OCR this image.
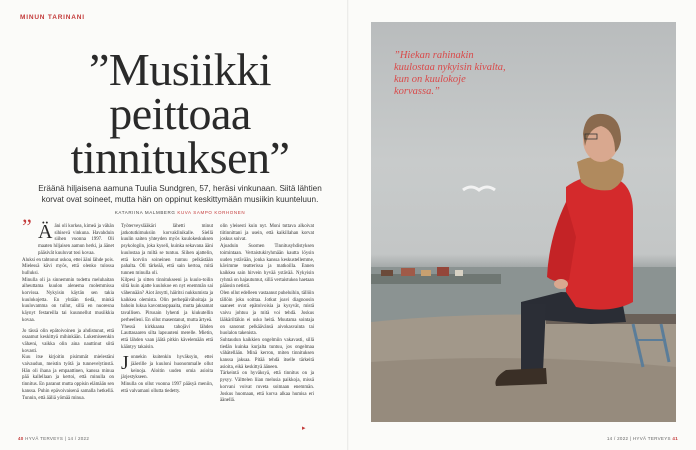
MINUN TARINANI
”Musiikki peittoaa tinnituksen”
Eräänä hiljaisena aamuna Tuulia Sundgren, 57, heräsi vinkunaan. Siitä lähtien korvat ovat soineet, mutta hän on oppinut keskittymään musiikin kuunteluun.
KATARIINA MALMBERG KUVA SAMPO KORHONEN
” Ääni oli korkea, kimeä ja vähän sihisevä vinkuna. Havahduin siihen vuonna 1997. Oli maaten hiljaisen aamun herki, ja äänet pääsivät kuuluvat tosi kovaa.

Aluksi en tahtonut uskoa, ettei ääni lähde pois. Mielessä kävi myös, että olenko tulossa hulluksi.

Minulla oli ja sinnemmin todettu meluhaitan aiheuttama kuulon alenema molemmissa korvissa. Nykyisin käytän sen takia kuulokojetta. En yhtään tiedä, minkä kuulovamma on tullut, sillä en nuoresna käynyt festareilla tai kuunnellut musiikkia kovaa.

Jo tässä olin epätoivoinen ja ahdistunut, että osaamut keskittyä mihinkään. Lukemiseenkin vähæni, vaikka olin aina nauttinut siitä kovasti.

Kuu itse kirjoitin pisimmät mielestäni vaivaudun, meistin työtä ja tunnevelytinstä. Hän oli ihana ja empaattinen, kanssa minua pää kallellaan ja kertoi, että minulla on tinnitus. En paranut mutta oppisin elämään sen kanssa. Puhin epävoivaisenä samalla hetkellä. Tunnin, että ääliä yömää minua.

Työterveyslääkäri lähetti minut jatkotutkimuksiin korvaklinikalle. Siellä kuulin saiten yhteyden myös kuulokeskuksen psykologiin, joka kyseli, kuinka sekavana ääni kuulostaa ja miltä se tuntuu. Siihen ajattelin, että korviin soineinen tuntuu pelkästään pahalta. Oli tärkeää, että sain kertoa, mitä tunnen minulla oli.

Kilpesi ja sitten tinnitukseeni ja kuulo-toilin siitä kuin ajatte kuulokoe en nyt enemmän sai vähennään? Aiot ärsytti, häiritsi nukkumista ja kaikkea olemista. Olin perhepäivähoitaja ja bahoin lukua kavontaoppaaita, mutta jaksamat tavallisen. Pirusain lyhenti ja kiukutellin perheelleni. En ollut masentanut, mutta ärtyeä.

Yhessä kirkkaana tahojävi lähden Lauttasaaren silta lapsuuteni merelle. Mietin, että lähden vaan jäätä pitkin kävelemään että kääntyy takaisin.

Jonnekin kuitenkin hyväksyin, ettei jääerille ja kuuloni huonommalle ollut keinoja. Aloitin uuden omia asioita järjestykseen.

Minulla on ollut vuonna 1997 pääsyä meniin, että valvamani ollutta tiedetty.

olin yleisesti kuin nyt. Moni tuttava alkoivat tiitinnittani ja usein, että kaikillahan korvat joskus soivat.

Ajoaduin Suomen Tinnitusyhdistyksen toimintaan. Vertaistukiryhmään kautta löysin uuden ystävään, jonka kanssa keskustellemme, kävimme teatterissa ja matkoilla. Ennen kaikkea sain hirvein hyvää ystävää. Nykyisin ryhmä on hajautumut, sillä vertaistukea haetaan pääosin netistä.

Olen ollut edelleen vastaanut puheluihin, tällöin tällöin joku soittaa. Jotkut joavi diagnoosin saaneet ovat epätoivoisia ja kysyvät, mistä vaivu johtuu ja mitä voi tehdä. Joskus lääkäriltäkin ei usko heitä. Muutama sointaja on sanonut pelkäävänsä aivokasvainta tai huolalon takenista.

Suhtaudun kaikkien ongelmiin vakavasti, sillä tiedän kuinka kurjalta tuntuu, jos ongelmaa vähätellään. Minä kerron, miten tinnituksen kanssa jaksaa. Pitää tehdä itselle tärkeitä asioita, eikä keskittyä ääneen.

Tärkeintä on hyväksyä, että tinnitus on ja pysyy. Välttelen liian melusia paikkoja, missä korvani voivat ruveta soimaan enemmän. Joskus huomaan, että korva alkaa humisa eri äänellä.

▸
40 HYVÄ TERVEYS | 14 / 2022
”Hiekan rahinakin kuulostaa nykyisin kivalta, kun on kuulokoje korvassa.”
14 / 2022 | HYVÄ TERVEYS 41
